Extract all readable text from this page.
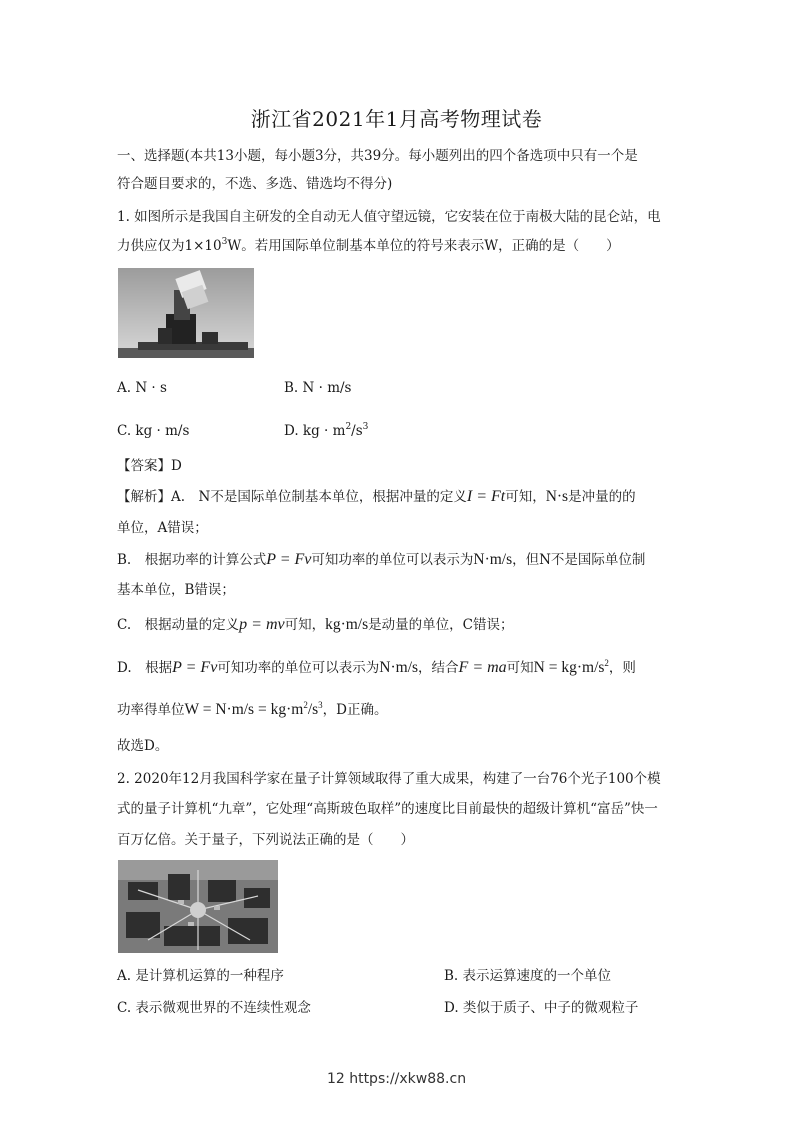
浙江省2021年1月高考物理试卷
一、选择题(本共13小题，每小题3分，共39分。每小题列出的四个备选项中只有一个是
符合题目要求的，不选、多选、错选均不得分)
1. 如图所示是我国自主研发的全自动无人值守望远镜，它安装在位于南极大陆的昆仑站，电
力供应仅为$1\times 10^3W$。若用国际单位制基本单位的符号来表示W，正确的是（　　）
A. N · s	B. N · m/s
C. kg · m/s	D. kg · $m^2/s^3$
【答案】D
【解析】A.　N不是国际单位制基本单位，根据冲量的定义I = Ft可知，N·s是冲量的的
单位，A错误；
B.　根据功率的计算公式P = Fv可知功率的单位可以表示为N·m/s，但N不是国际单位制
基本单位，B错误；
C.　根据动量的定义p = mv可知，kg·m/s是动量的单位，C错误；
D.　根据P = Fv可知功率的单位可以表示为N·m/s，结合F = ma可知$N = kg\cdot m/s^2$，则
功率得单位$W = N\cdot m/s = kg\cdot m^2/s^3$，D正确。
故选D。
2. 2020年12月我国科学家在量子计算领域取得了重大成果，构建了一台76个光子100个模
式的量子计算机“九章”，它处理“高斯玻色取样”的速度比目前最快的超级计算机“富岳”快一
百万亿倍。关于量子，下列说法正确的是（　　）
A. 是计算机运算的一种程序	B. 表示运算速度的一个单位
C. 表示微观世界的不连续性观念	D. 类似于质子、中子的微观粒子
12 https://xkw88.cn
